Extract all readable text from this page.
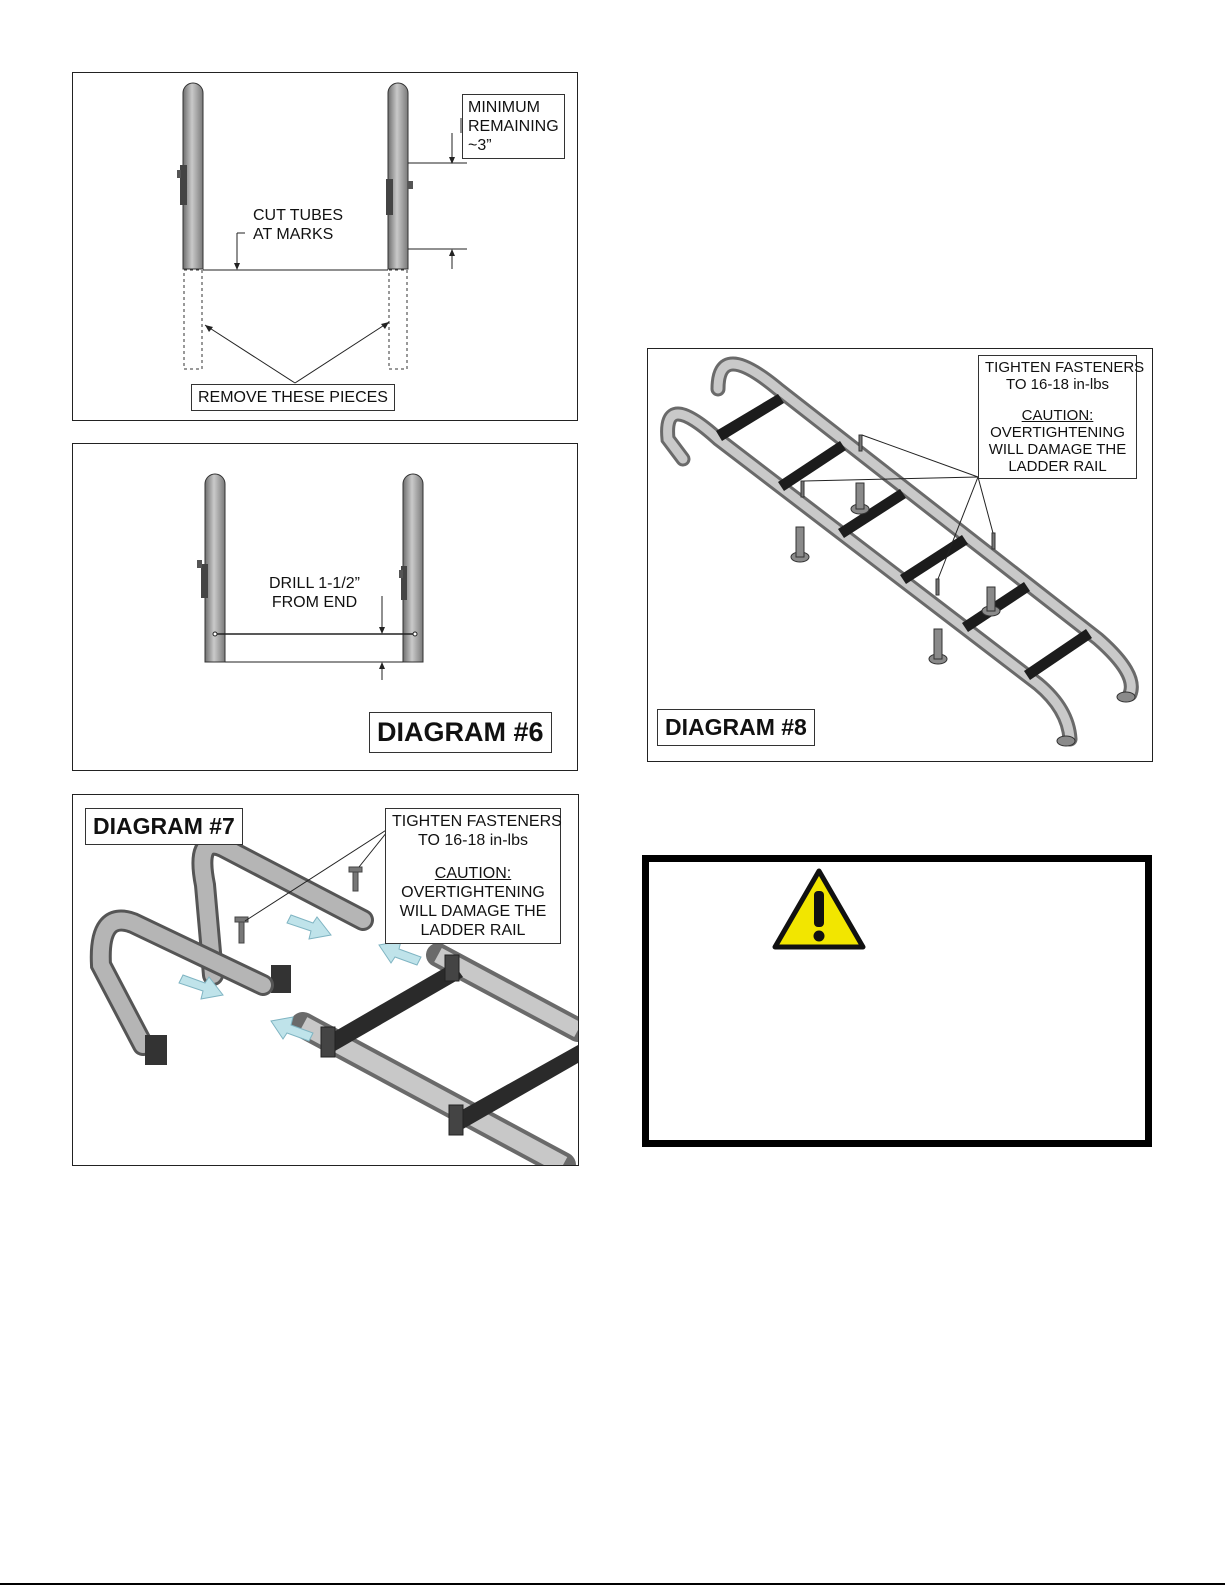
MINIMUM
REMAINING
~3”
CUT TUBES
AT MARKS
REMOVE THESE PIECES
DRILL 1-1/2”
FROM END
DIAGRAM #6
DIAGRAM #7	TIGHTEN FASTENERS
TO 16-18 in-lbs
CAUTION:
OVERTIGHTENING
WILL DAMAGE THE
LADDER RAIL
TIGHTEN FASTENERS
TO 16-18 in-lbs
CAUTION:
OVERTIGHTENING
WILL DAMAGE THE
LADDER RAIL
DIAGRAM #8
